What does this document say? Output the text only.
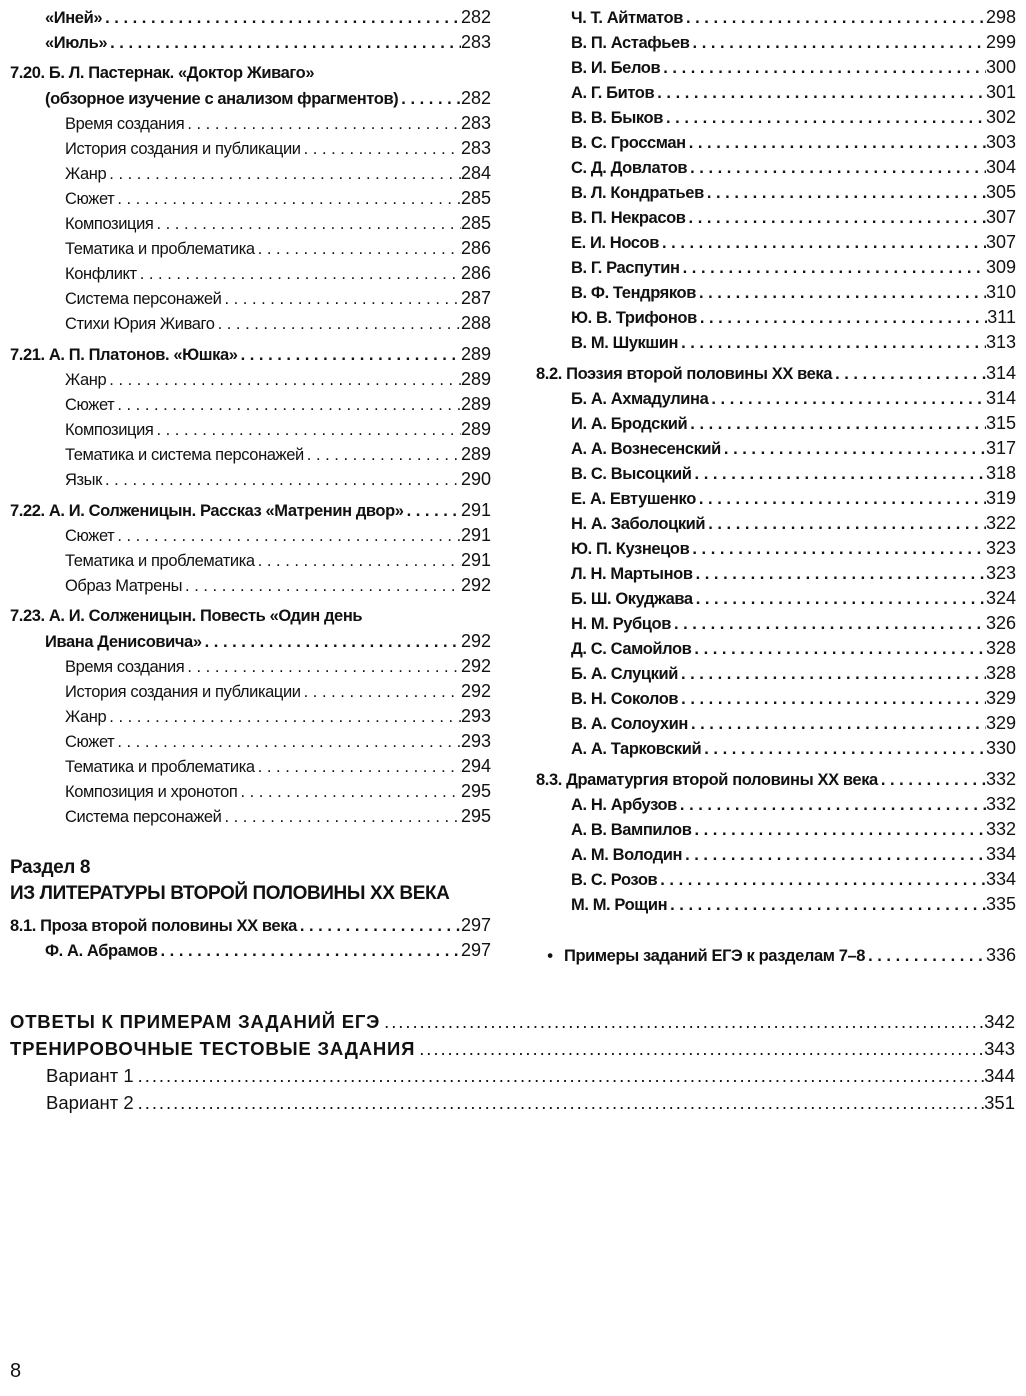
«Иней» . . .	282
«Июль» . . .	283
7.20. Б. Л. Пастернак. «Доктор Живаго»
(обзорное изучение с анализом фрагментов) . . .	282
Время создания . . .	283
История создания и публикации . . .	283
Жанр . . .	284
Сюжет . . .	285
Композиция . . .	285
Тематика и проблематика . . .	286
Конфликт . . .	286
Система персонажей . . .	287
Стихи Юрия Живаго . . .	288
7.21. А. П. Платонов. «Юшка» . . .	289
Жанр . . .	289
Сюжет . . .	289
Композиция . . .	289
Тематика и система персонажей . . .	289
Язык . . .	290
7.22. А. И. Солженицын. Рассказ «Матренин двор» . . .	291
Сюжет . . .	291
Тематика и проблематика . . .	291
Образ Матрены . . .	292
7.23. А. И. Солженицын. Повесть «Один день
Ивана Денисовича» . . .	292
Время создания . . .	292
История создания и публикации . . .	292
Жанр . . .	293
Сюжет . . .	293
Тематика и проблематика . . .	294
Композиция и хронотоп . . .	295
Система персонажей . . .	295
Раздел 8
ИЗ ЛИТЕРАТУРЫ ВТОРОЙ ПОЛОВИНЫ XX ВЕКА
8.1. Проза второй половины XX века . . .	297
Ф. А. Абрамов . . .	297
Ч. Т. Айтматов . . .	298
В. П. Астафьев . . .	299
В. И. Белов . . .	300
А. Г. Битов . . .	301
В. В. Быков . . .	302
В. С. Гроссман . . .	303
С. Д. Довлатов . . .	304
В. Л. Кондратьев . . .	305
В. П. Некрасов . . .	307
Е. И. Носов . . .	307
В. Г. Распутин . . .	309
В. Ф. Тендряков . . .	310
Ю. В. Трифонов . . .	311
В. М. Шукшин . . .	313
8.2. Поэзия второй половины XX века . . .	314
Б. А. Ахмадулина . . .	314
И. А. Бродский . . .	315
А. А. Вознесенский . . .	317
В. С. Высоцкий . . .	318
Е. А. Евтушенко . . .	319
Н. А. Заболоцкий . . .	322
Ю. П. Кузнецов . . .	323
Л. Н. Мартынов . . .	323
Б. Ш. Окуджава . . .	324
Н. М. Рубцов . . .	326
Д. С. Самойлов . . .	328
Б. А. Слуцкий . . .	328
В. Н. Соколов . . .	329
В. А. Солоухин . . .	329
А. А. Тарковский . . .	330
8.3. Драматургия второй половины XX века . . .	332
А. Н. Арбузов . . .	332
А. В. Вампилов . . .	332
А. М. Володин . . .	334
В. С. Розов . . .	334
М. М. Рощин . . .	335
• Примеры заданий ЕГЭ к разделам 7–8 . . .	336
ОТВЕТЫ К ПРИМЕРАМ ЗАДАНИЙ ЕГЭ . . .	342
ТРЕНИРОВОЧНЫЕ ТЕСТОВЫЕ ЗАДАНИЯ . . .	343
Вариант 1 . . .	344
Вариант 2 . . .	351
8
